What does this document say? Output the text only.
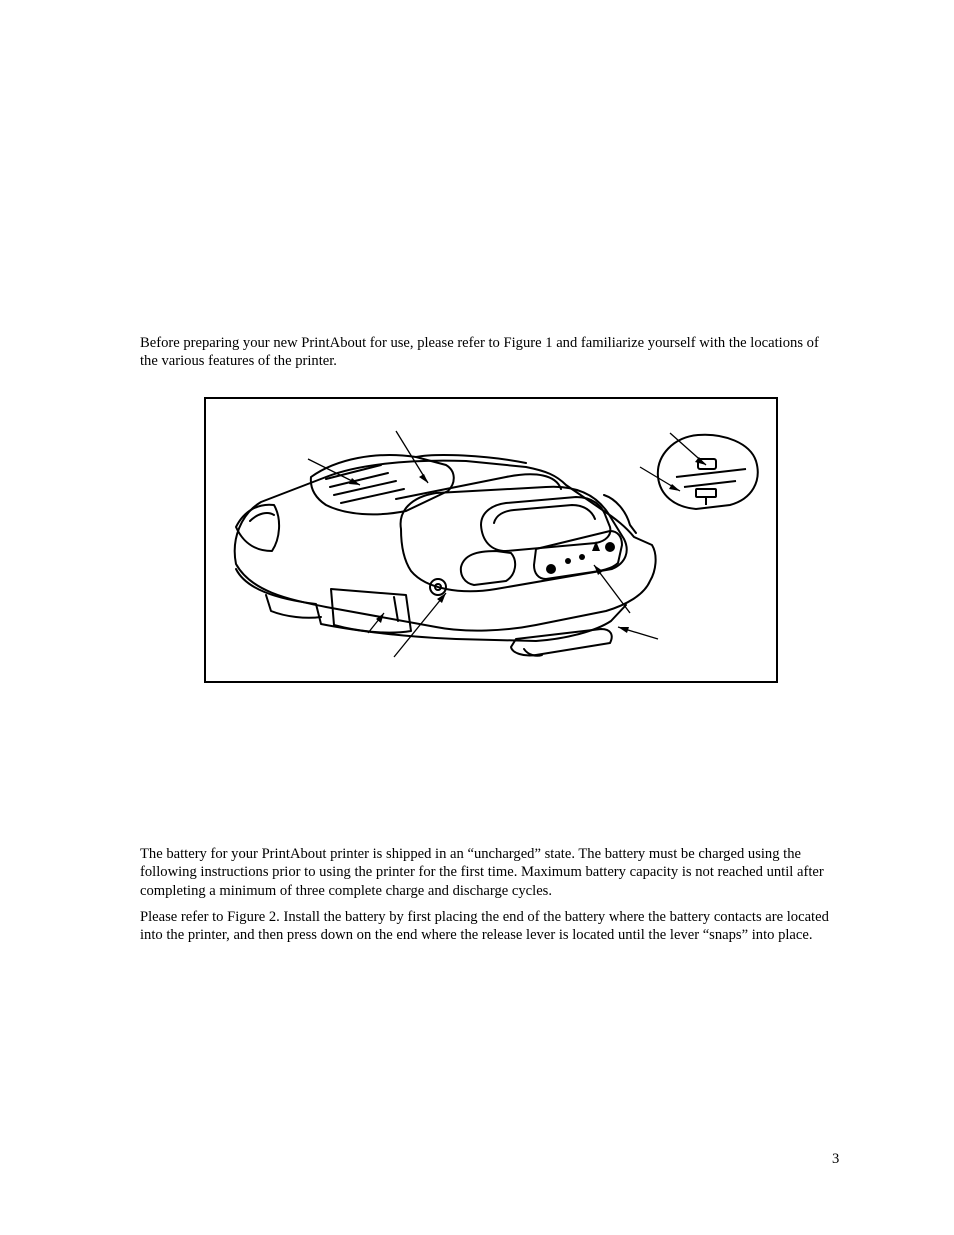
Before preparing your new PrintAbout for use, please refer to Figure 1 and familiarize yourself with the locations of the various features of the printer.

The battery for your PrintAbout printer is shipped in an “uncharged” state. The battery must be charged using the following instructions prior to using the printer for the first time. Maximum battery capacity is not reached until after completing a minimum of three complete charge and discharge cycles.

Please refer to Figure 2. Install the battery by first placing the end of the battery where the battery contacts are located into the printer, and then press down on the end where the release lever is located until the lever “snaps” into place.

3
